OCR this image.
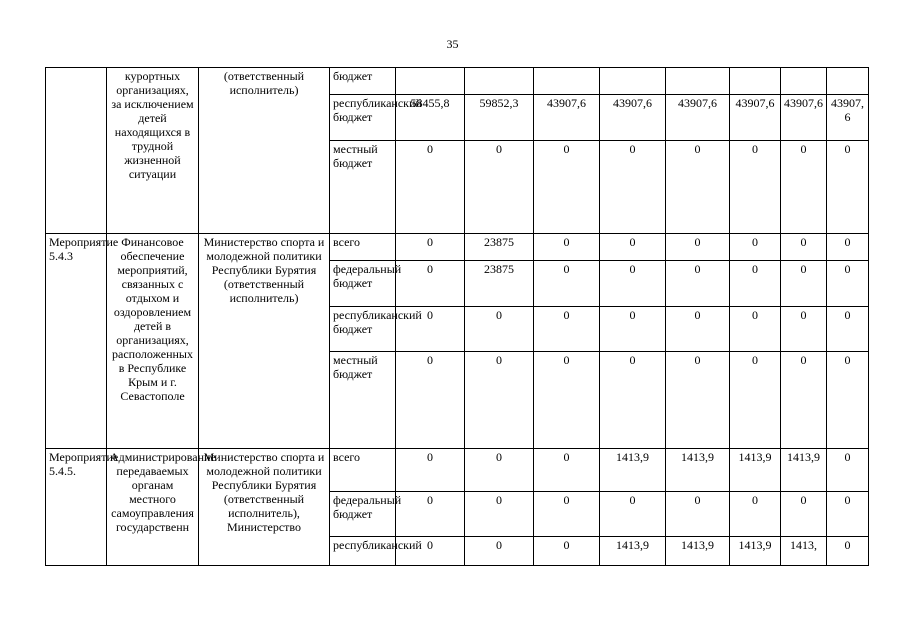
35
	курортных организациях, за исключением детей находящихся в трудной жизненной ситуации	(ответственный исполнитель)	бюджет								
			республиканский бюджет	58455,8	59852,3	43907,6	43907,6	43907,6	43907,6	43907,6	43907,6
			местный бюджет	0	0	0	0	0	0	0	0
Мероприятие 5.4.3	Финансовое обеспечение мероприятий, связанных с отдыхом и оздоровлением детей в организациях, расположенных в Республике Крым и г. Севастополе	Министерство спорта и молодежной политики Республики Бурятия (ответственный исполнитель)	всего	0	23875	0	0	0	0	0	0
			федеральный бюджет	0	23875	0	0	0	0	0	0
			республиканский бюджет	0	0	0	0	0	0	0	0
			местный бюджет	0	0	0	0	0	0	0	0
Мероприятие 5.4.5.	Администрирование передаваемых органам местного самоуправления государственн	Министерство спорта и молодежной политики Республики Бурятия (ответственный исполнитель), Министерство	всего	0	0	0	1413,9	1413,9	1413,9	1413,9	0
			федеральный бюджет	0	0	0	0	0	0	0	0
			республиканский	0	0	0	1413,9	1413,9	1413,9	1413,	0
